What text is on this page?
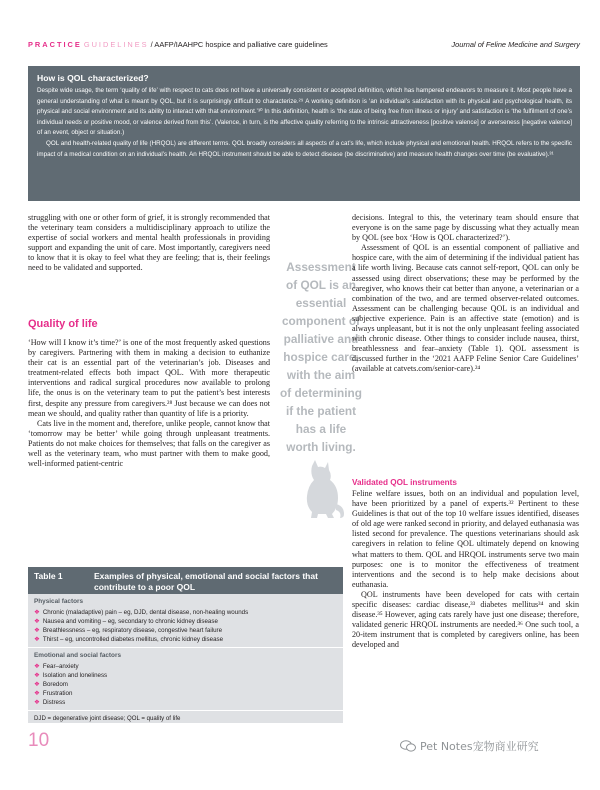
PRACTICE GUIDELINES / AAFP/IAAHPC hospice and palliative care guidelines	Journal of Feline Medicine and Surgery
How is QOL characterized?

Despite wide usage, the term ‘quality of life’ with respect to cats does not have a universally consistent or accepted definition, which has hampered endeavors to measure it. Most people have a general understanding of what is meant by QOL, but it is surprisingly difficult to characterize.²⁹ A working definition is ‘an individual’s satisfaction with its physical and psychological health, its physical and social environment and its ability to interact with that environment.’³⁰ In this definition, health is ‘the state of being free from illness or injury’ and satisfaction is ‘the fulfilment of one’s individual needs or positive mood, or valence derived from this’. (Valence, in turn, is the affective quality referring to the intrinsic attractiveness [positive valence] or averseness [negative valence] of an event, object or situation.)

QOL and health-related quality of life (HRQOL) are different terms. QOL broadly considers all aspects of a cat’s life, which include physical and emotional health. HRQOL refers to the specific impact of a medical condition on an individual’s health. An HRQOL instrument should be able to detect disease (be discriminative) and measure health changes over time (be evaluative).³¹

struggling with one or other form of grief, it is strongly recommended that the veterinary team considers a multidisciplinary approach to utilize the expertise of social workers and mental health professionals in providing support and expanding the unit of care. Most importantly, caregivers need to know that it is okay to feel what they are feeling; that is, their feelings need to be validated and supported.

Quality of life

‘How will I know it’s time?’ is one of the most frequently asked questions by caregivers. Partnering with them in making a decision to euthanize their cat is an essential part of the veterinarian’s job. Diseases and treatment-related effects both impact QOL. With more therapeutic interventions and radical surgical procedures now available to prolong life, the onus is on the veterinary team to put the patient’s best interests first, despite any pressure from caregivers.²⁸ Just because we can does not mean we should, and quality rather than quantity of life is a priority.

Cats live in the moment and, therefore, unlike people, cannot know that ‘tomorrow may be better’ while going through unpleasant treatments. Patients do not make choices for themselves; that falls on the caregiver as well as the veterinary team, who must partner with them to make good, well-informed patient-centric

Assessment of QOL is an essential component of palliative and hospice care, with the aim of determining if the patient has a life worth living.

decisions. Integral to this, the veterinary team should ensure that everyone is on the same page by discussing what they actually mean by QOL (see box ‘How is QOL characterized?’).

Assessment of QOL is an essential component of palliative and hospice care, with the aim of determining if the individual patient has a life worth living. Because cats cannot self-report, QOL can only be assessed using direct observations; these may be performed by the caregiver, who knows their cat better than anyone, a veterinarian or a combination of the two, and are termed observer-related outcomes. Assessment can be challenging because QOL is an individual and subjective experience. Pain is an affective state (emotion) and is always unpleasant, but it is not the only unpleasant feeling associated with chronic disease. Other things to consider include nausea, thirst, breathlessness and fear–anxiety (Table 1). QOL assessment is discussed further in the ‘2021 AAFP Feline Senior Care Guidelines’ (available at catvets.com/senior-care).²⁴

Validated QOL instruments

Feline welfare issues, both on an individual and population level, have been prioritized by a panel of experts.³² Pertinent to these Guidelines is that out of the top 10 welfare issues identified, diseases of old age were ranked second in priority, and delayed euthanasia was listed second for prevalence. The questions veterinarians should ask caregivers in relation to feline QOL ultimately depend on knowing what matters to them. QOL and HRQOL instruments serve two main purposes: one is to monitor the effectiveness of treatment interventions and the second is to help make decisions about euthanasia.

QOL instruments have been developed for cats with certain specific diseases: cardiac disease,³³ diabetes mellitus³⁴ and skin disease.³⁵ However, aging cats rarely have just one disease; therefore, validated generic HRQOL instruments are needed.³⁶ One such tool, a 20-item instrument that is completed by caregivers online, has been developed and

Table 1	Examples of physical, emotional and social factors that contribute to a poor QOL
Physical factors
❖ Chronic (maladaptive) pain – eg, DJD, dental disease, non-healing wounds
❖ Nausea and vomiting – eg, secondary to chronic kidney disease
❖ Breathlessness – eg, respiratory disease, congestive heart failure
❖ Thirst – eg, uncontrolled diabetes mellitus, chronic kidney disease
Emotional and social factors
❖ Fear–anxiety
❖ Isolation and loneliness
❖ Boredom
❖ Frustration
❖ Distress
DJD = degenerative joint disease; QOL = quality of life
10	Pet Notes宠物商业研究
